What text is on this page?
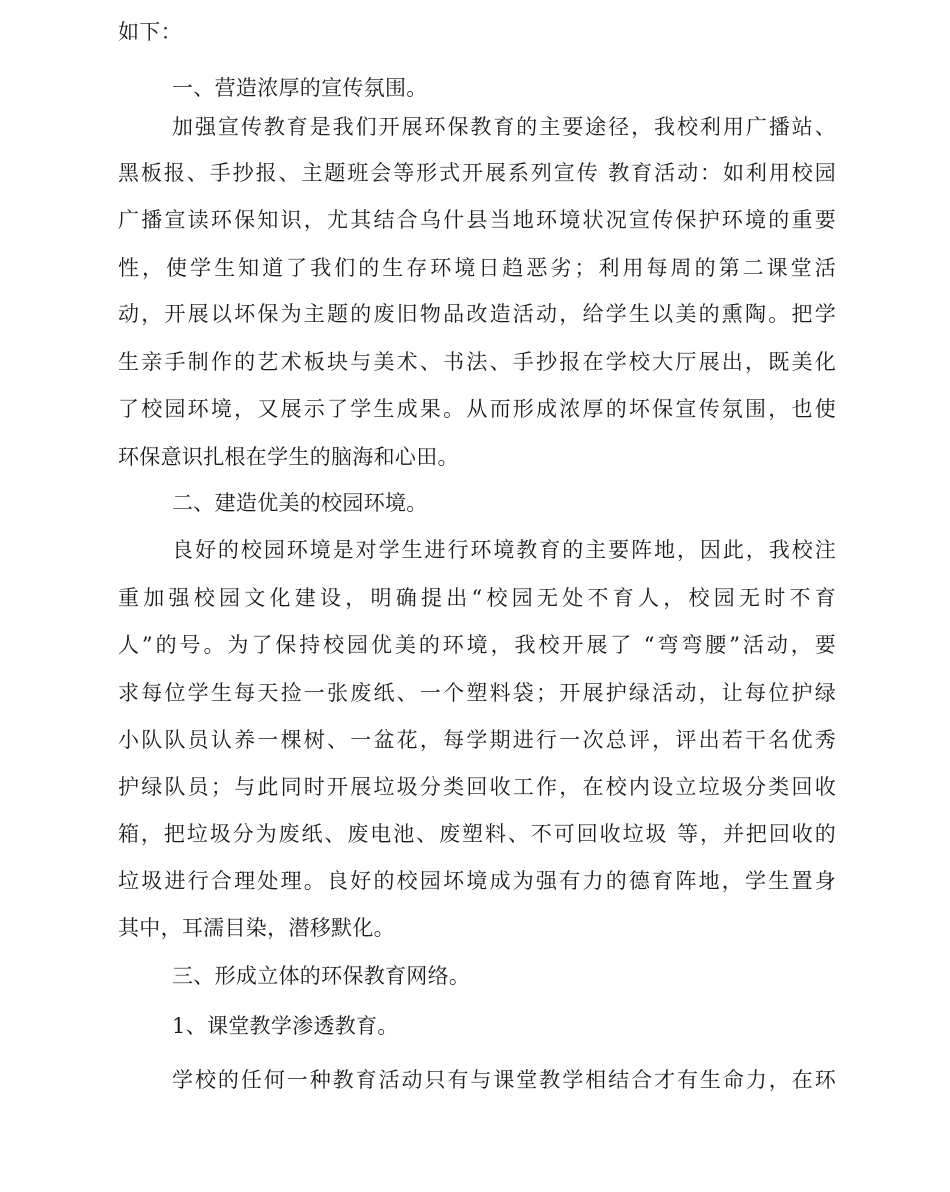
如下：
一、营造浓厚的宣传氛围。
加强宣传教育是我们开展环保教育的主要途径，我校利用广播站、
黑板报、手抄报、主题班会等形式开展系列宣传 教育活动：如利用校园
广播宣读环保知识，尤其结合乌什县当地环境状况宣传保护环境的重要
性，使学生知道了我们的生存环境日趋恶劣；利用每周的第二课堂活
动，开展以坏保为主题的废旧物品改造活动，给学生以美的熏陶。把学
生亲手制作的艺术板块与美术、书法、手抄报在学校大厅展出，既美化
了校园环境，又展示了学生成果。从而形成浓厚的坏保宣传氛围，也使
环保意识扎根在学生的脑海和心田。
二、建造优美的校园环境。
良好的校园环境是对学生进行环境教育的主要阵地，因此，我校注
重加强校园文化建设，明确提出“校园无处不育人，校园无时不育
人”的号。为了保持校园优美的环境，我校开展了 “弯弯腰”活动，要
求每位学生每天捡一张废纸、一个塑料袋；开展护绿活动，让每位护绿
小队队员认养一棵树、一盆花，每学期进行一次总评，评出若干名优秀
护绿队员；与此同时开展垃圾分类回收工作，在校内设立垃圾分类回收
箱，把垃圾分为废纸、废电池、废塑料、不可回收垃圾 等，并把回收的
垃圾进行合理处理。良好的校园坏境成为强有力的德育阵地，学生置身
其中，耳濡目染，潜移默化。
三、形成立体的环保教育网络。
1、课堂教学渗透教育。
学校的任何一种教育活动只有与课堂教学相结合才有生命力，在环
